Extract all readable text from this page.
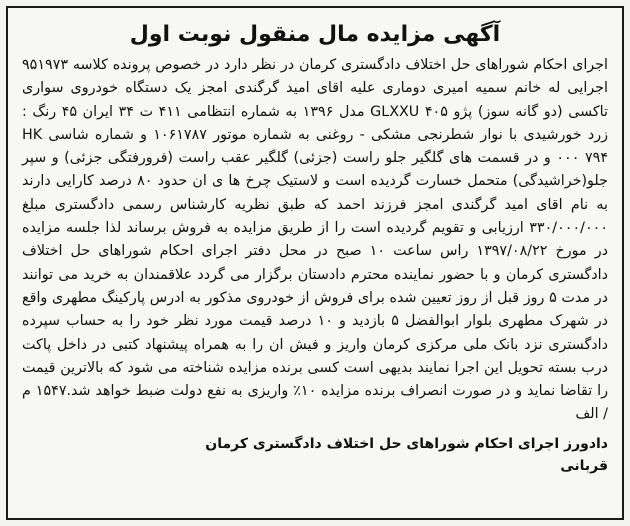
آگهی مزایده مال منقول نوبت اول

اجرای احکام شوراهای حل اختلاف دادگستری کرمان در نظر دارد در خصوص پرونده کلاسه ۹۵۱۹۷۳ اجرایی له خانم سمیه امیری دوماری علیه اقای امید گرگندی امجز یک دستگاه خودروی سواری تاکسی (دو گانه سوز) پژو GLXXU ۴۰۵ مدل ۱۳۹۶ به شماره انتظامی ۴۱۱ ت ۳۴ ایران ۴۵ رنگ : زرد خورشیدی با نوار شطرنجی مشکی - روغنی به شماره موتور ۱۰۶۱۷۸۷ و شماره شاسی HK ۰۰۰ ۷۹۴ و در قسمت های گلگیر جلو راست (جزئی) گلگیر عقب راست (فرورفتگی جزئی) و سپر جلو(خراشیدگی) متحمل خسارت گردیده است و لاستیک چرخ ها ی ان حدود ۸۰ درصد کارایی دارند به نام اقای امید گرگندی امجز فرزند احمد که طبق نظریه کارشناس رسمی دادگستری مبلغ ۳۳۰/۰۰۰/۰۰۰ ارزیابی و تقویم گردیده است را از طریق مزایده به فروش برساند لذا جلسه مزایده در مورخ ۱۳۹۷/۰۸/۲۲ راس ساعت ۱۰ صبح در محل دفتر اجرای احکام شوراهای حل اختلاف دادگستری کرمان و با حضور نماینده محترم دادستان برگزار می گردد علاقمندان به خرید می توانند در مدت ۵ روز قبل از روز تعیین شده برای فروش از خودروی مذکور به ادرس پارکینگ مطهری واقع در شهرک مطهری بلوار ابوالفضل ۵ بازدید و ۱۰ درصد قیمت مورد نظر خود را به حساب سپرده دادگستری نزد بانک ملی مرکزی کرمان واریز و فیش ان را به همراه پیشنهاد کتبی در داخل پاکت درب بسته تحویل این اجرا نمایند بدیهی است کسی برنده مزایده شناخته می شود که بالاترین قیمت را تقاضا نماید و در صورت انصراف برنده مزایده ۱۰٪ واریزی به نفع دولت ضبط خواهد شد.۱۵۴۷ م / الف

دادورز اجرای احکام شوراهای حل اختلاف دادگستری کرمان
قربانی
